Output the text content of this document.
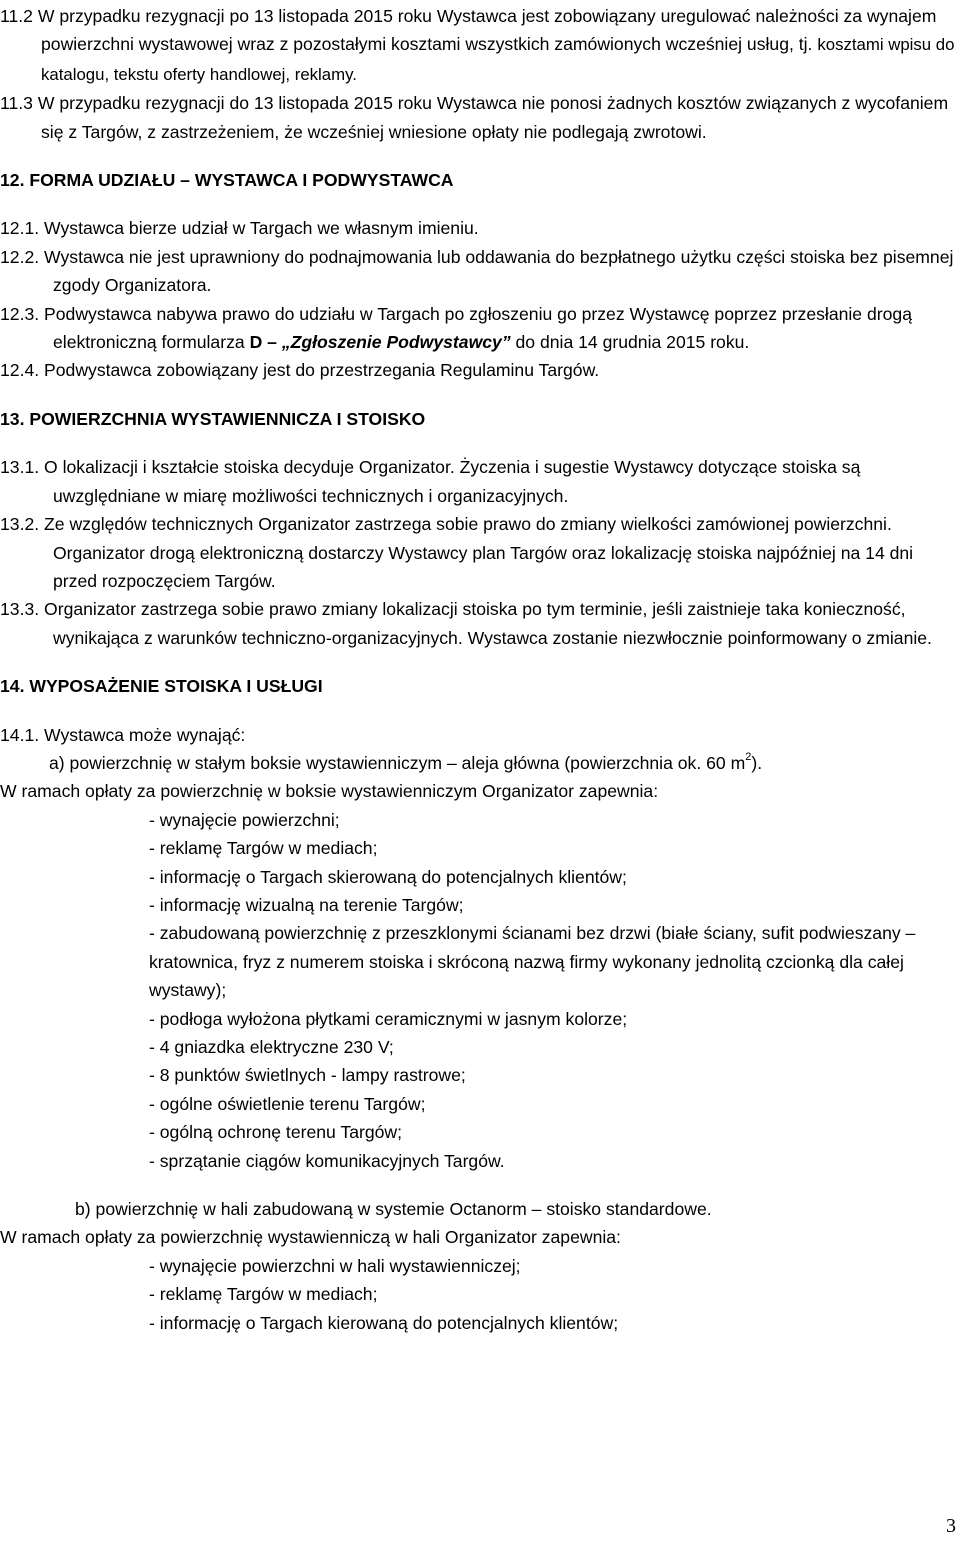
11.2 W przypadku rezygnacji po 13 listopada 2015 roku Wystawca jest zobowiązany uregulować należności za wynajem powierzchni wystawowej wraz z pozostałymi kosztami wszystkich zamówionych wcześniej usług, tj. kosztami wpisu do katalogu, tekstu oferty handlowej, reklamy.

11.3 W przypadku rezygnacji do 13 listopada 2015 roku Wystawca nie ponosi żadnych kosztów związanych z wycofaniem się z Targów, z zastrzeżeniem, że wcześniej wniesione opłaty nie podlegają zwrotowi.

12. FORMA UDZIAŁU – WYSTAWCA I PODWYSTAWCA

12.1. Wystawca bierze udział w Targach we własnym imieniu.

12.2. Wystawca nie jest uprawniony do podnajmowania lub oddawania do bezpłatnego użytku części stoiska bez pisemnej zgody Organizatora.

12.3. Podwystawca nabywa prawo do udziału w Targach po zgłoszeniu go przez Wystawcę poprzez przesłanie drogą elektroniczną formularza D – „Zgłoszenie Podwystawcy” do dnia 14 grudnia 2015 roku.

12.4. Podwystawca zobowiązany jest do przestrzegania Regulaminu Targów.

13. POWIERZCHNIA WYSTAWIENNICZA I STOISKO

13.1. O lokalizacji i kształcie stoiska decyduje Organizator. Życzenia i sugestie Wystawcy dotyczące stoiska są uwzględniane w miarę możliwości technicznych i organizacyjnych.

13.2. Ze względów technicznych Organizator zastrzega sobie prawo do zmiany wielkości zamówionej powierzchni. Organizator drogą elektroniczną dostarczy Wystawcy plan Targów oraz lokalizację stoiska najpóźniej na 14 dni przed rozpoczęciem Targów.

13.3. Organizator zastrzega sobie prawo zmiany lokalizacji stoiska po tym terminie, jeśli zaistnieje taka konieczność, wynikająca z warunków techniczno-organizacyjnych. Wystawca zostanie niezwłocznie poinformowany o zmianie.

14. WYPOSAŻENIE STOISKA I USŁUGI

14.1. Wystawca może wynająć:

a) powierzchnię w stałym boksie wystawienniczym – aleja główna (powierzchnia ok. 60 $m^2$).

W ramach opłaty za powierzchnię w boksie wystawienniczym Organizator zapewnia:

- wynajęcie powierzchni;
- reklamę Targów w mediach;
- informację o Targach skierowaną do potencjalnych klientów;
- informację wizualną na terenie Targów;
- zabudowaną powierzchnię z przeszklonymi ścianami bez drzwi (białe ściany, sufit podwieszany – kratownica, fryz z numerem stoiska i skróconą nazwą firmy wykonany jednolitą czcionką dla całej wystawy);
- podłoga wyłożona płytkami ceramicznymi w jasnym kolorze;
- 4 gniazdka elektryczne 230 V;
- 8 punktów świetlnych - lampy rastrowe;
- ogólne oświetlenie terenu Targów;
- ogólną ochronę terenu Targów;
- sprzątanie ciągów komunikacyjnych Targów.

b) powierzchnię w hali zabudowaną w systemie Octanorm – stoisko standardowe.

W ramach opłaty za powierzchnię wystawienniczą w hali Organizator zapewnia:

- wynajęcie powierzchni w hali wystawienniczej;
- reklamę Targów w mediach;
- informację o Targach kierowaną do potencjalnych klientów;
3
